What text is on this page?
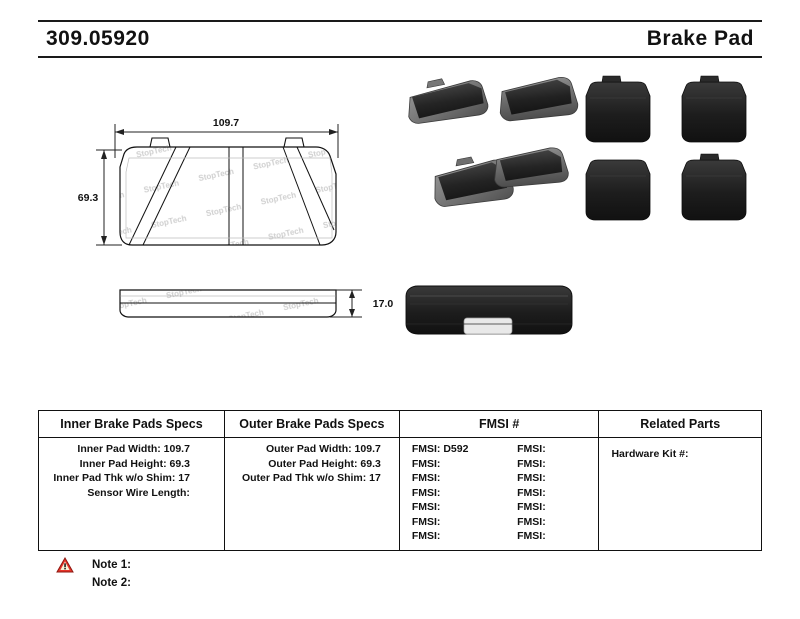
309.05920	Brake Pad
109.7
69.3
17.0
Inner Brake Pads Specs	Outer Brake Pads Specs	FMSI #	Related Parts

Inner Pad Width: 109.7
Inner Pad Height: 69.3
Inner Pad Thk w/o Shim: 17
Sensor Wire Length:

Outer Pad Width: 109.7
Outer Pad Height: 69.3
Outer Pad Thk w/o Shim: 17

FMSI: D592	FMSI:
FMSI:	FMSI:
FMSI:	FMSI:
FMSI:	FMSI:
FMSI:	FMSI:
FMSI:	FMSI:
FMSI:	FMSI:

Hardware Kit #:
Note 1:
Note 2:
